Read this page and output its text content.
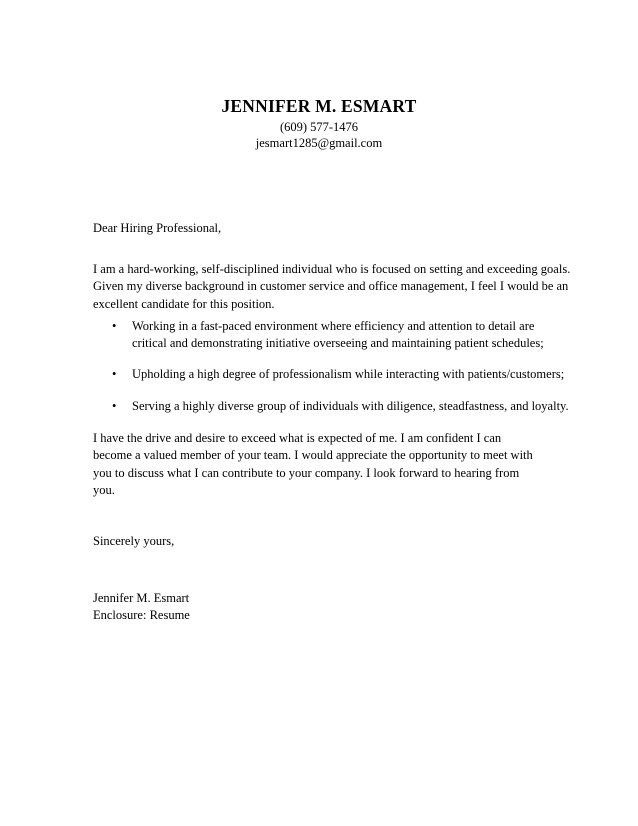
JENNIFER M. ESMART
(609) 577-1476
jesmart1285@gmail.com
Dear Hiring Professional,
I am a hard-working, self-disciplined individual who is focused on setting and exceeding goals.
Given my diverse background in customer service and office management, I feel I would be an
excellent candidate for this position.
• Working in a fast-paced environment where efficiency and attention to detail are
critical and demonstrating initiative overseeing and maintaining patient schedules;
• Upholding a high degree of professionalism while interacting with patients/customers;
• Serving a highly diverse group of individuals with diligence, steadfastness, and loyalty.
I have the drive and desire to exceed what is expected of me. I am confident I can
become a valued member of your team. I would appreciate the opportunity to meet with
you to discuss what I can contribute to your company. I look forward to hearing from
you.
Sincerely yours,
Jennifer M. Esmart
Enclosure: Resume
